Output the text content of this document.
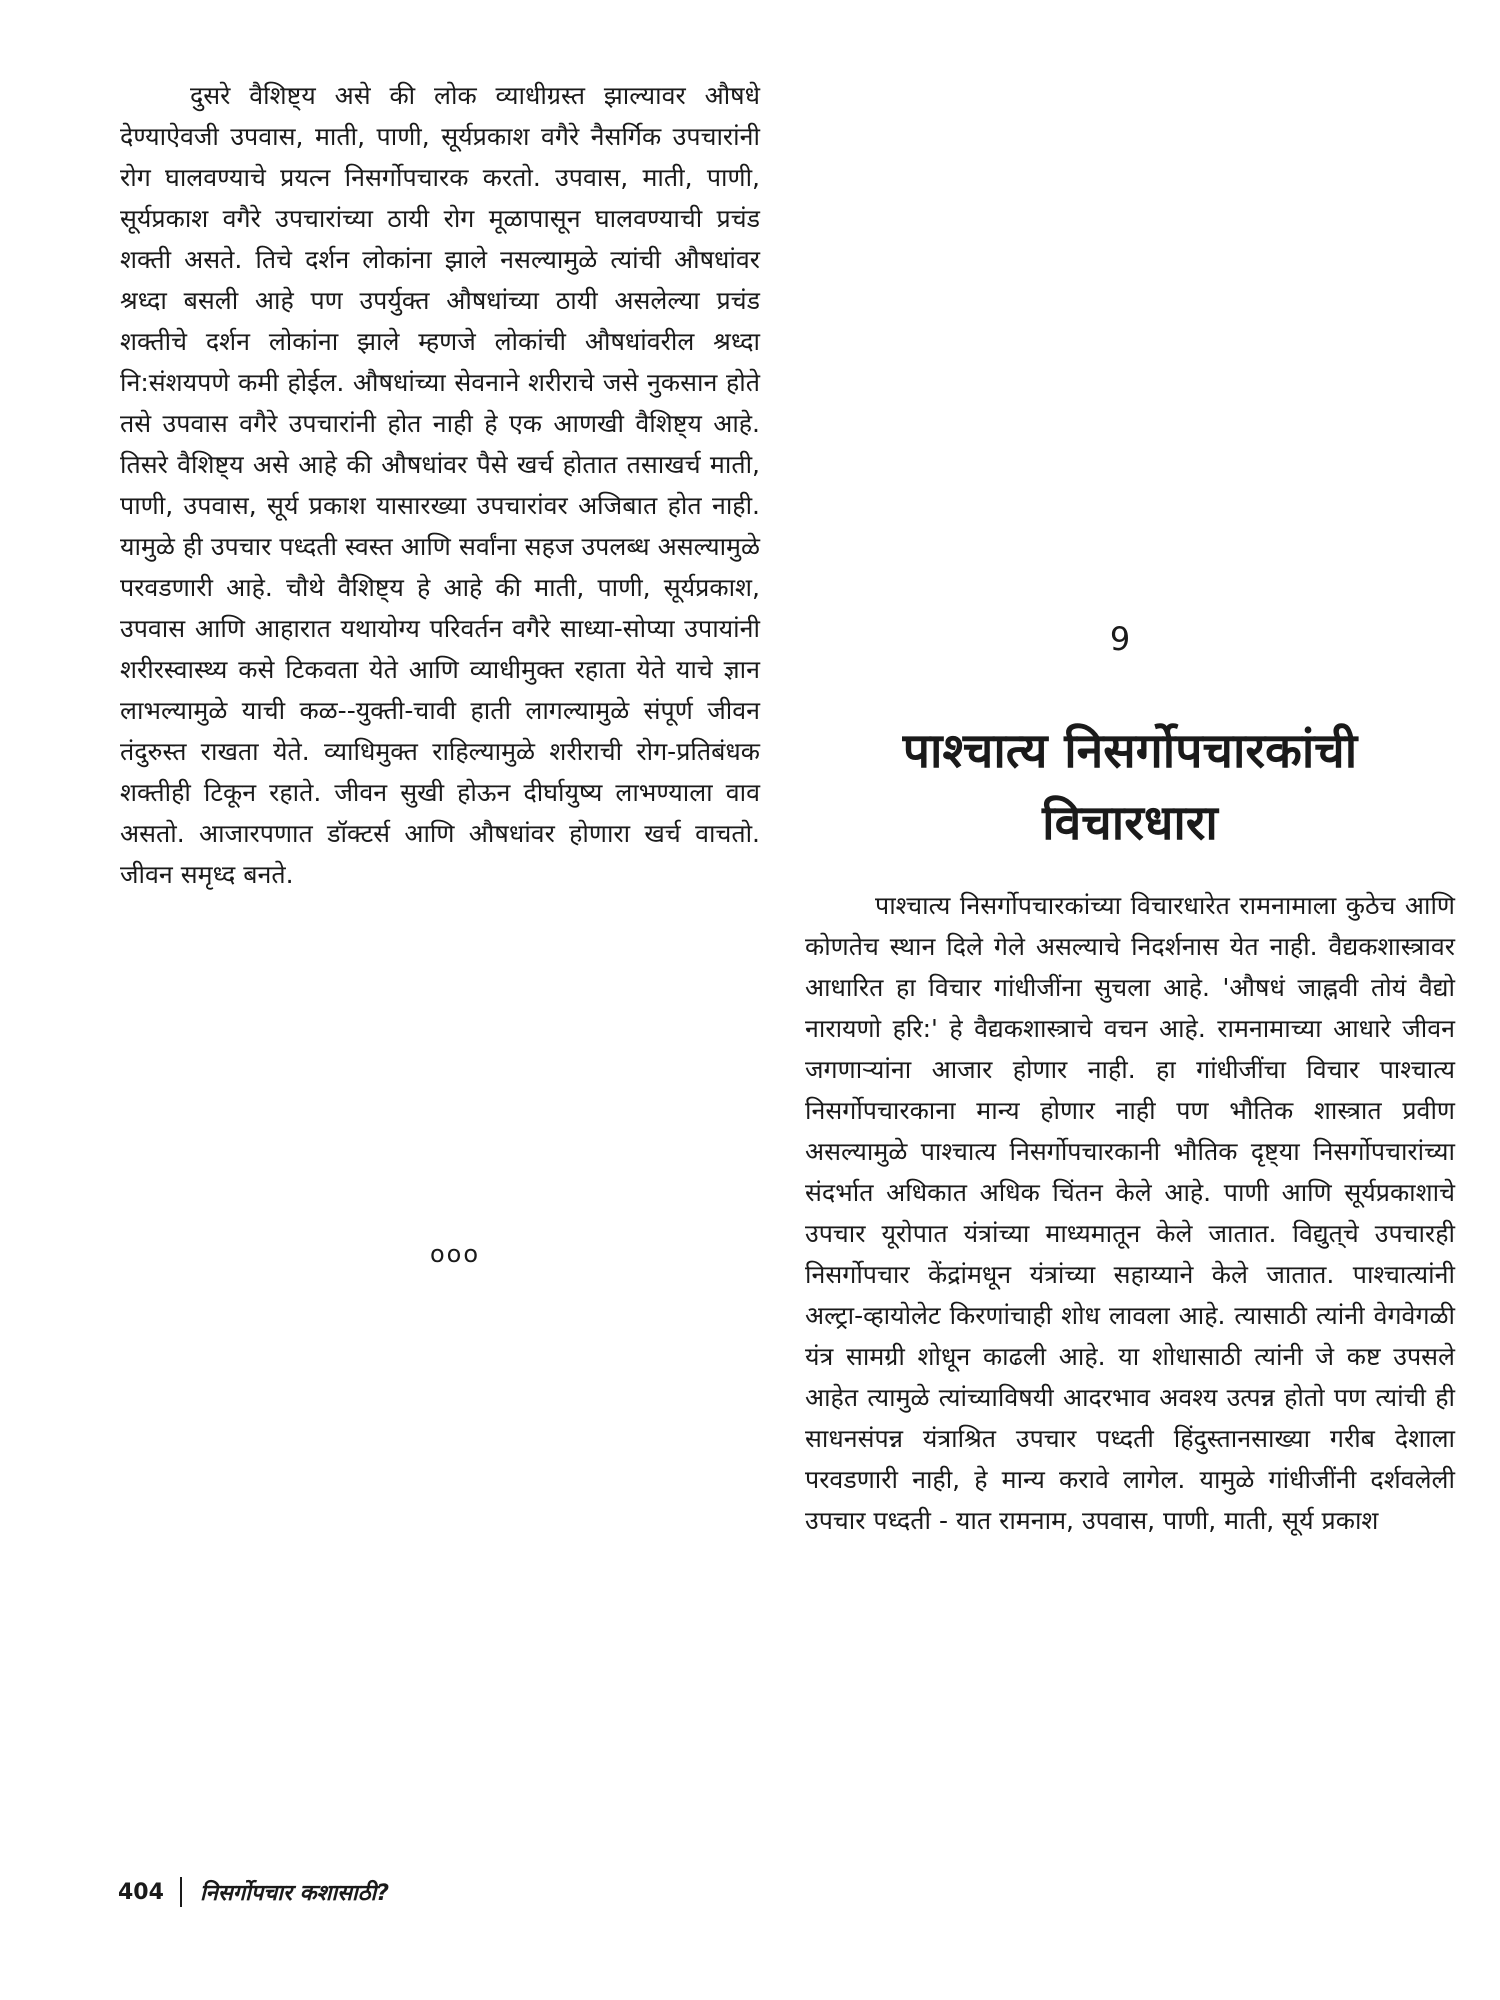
दुसरे वैशिष्ट्य असे की लोक व्याधीग्रस्त झाल्यावर औषधे देण्याऐवजी उपवास, माती, पाणी, सूर्यप्रकाश वगैरे नैसर्गिक उपचारांनी रोग घालवण्याचे प्रयत्न निसर्गोपचारक करतो. उपवास, माती, पाणी, सूर्यप्रकाश वगैरे उपचारांच्या ठायी रोग मूळापासून घालवण्याची प्रचंड शक्ती असते. तिचे दर्शन लोकांना झाले नसल्यामुळे त्यांची औषधांवर श्रध्दा बसली आहे पण उपर्युक्त औषधांच्या ठायी असलेल्या प्रचंड शक्तीचे दर्शन लोकांना झाले म्हणजे लोकांची औषधांवरील श्रध्दा नि:संशयपणे कमी होईल. औषधांच्या सेवनाने शरीराचे जसे नुकसान होते तसे उपवास वगैरे उपचारांनी होत नाही हे एक आणखी वैशिष्ट्य आहे. तिसरे वैशिष्ट्य असे आहे की औषधांवर पैसे खर्च होतात तसाखर्च माती, पाणी, उपवास, सूर्य प्रकाश यासारख्या उपचारांवर अजिबात होत नाही. यामुळे ही उपचार पध्दती स्वस्त आणि सर्वांना सहज उपलब्ध असल्यामुळे परवडणारी आहे. चौथे वैशिष्ट्य हे आहे की माती, पाणी, सूर्यप्रकाश, उपवास आणि आहारात यथायोग्य परिवर्तन वगैरे साध्या-सोप्या उपायांनी शरीरस्वास्थ्य कसे टिकवता येते आणि व्याधीमुक्त रहाता येते याचे ज्ञान लाभल्यामुळे याची कळ--युक्ती-चावी हाती लागल्यामुळे संपूर्ण जीवन तंदुरुस्त राखता येते. व्याधिमुक्त राहिल्यामुळे शरीराची रोग-प्रतिबंधक शक्तीही टिकून रहाते. जीवन सुखी होऊन दीर्घायुष्य लाभण्याला वाव असतो. आजारपणात डॉक्टर्स आणि औषधांवर होणारा खर्च वाचतो. जीवन समृध्द बनते.

ooo
9
पाश्चात्य निसर्गोपचारकांची विचारधारा

पाश्चात्य निसर्गोपचारकांच्या विचारधारेत रामनामाला कुठेच आणि कोणतेच स्थान दिले गेले असल्याचे निदर्शनास येत नाही. वैद्यकशास्त्रावर आधारित हा विचार गांधीजींना सुचला आहे. 'औषधं जाह्नवी तोयं वैद्यो नारायणो हरि:' हे वैद्यकशास्त्राचे वचन आहे. रामनामाच्या आधारे जीवन जगणाऱ्यांना आजार होणार नाही. हा गांधीजींचा विचार पाश्चात्य निसर्गोपचारकाना मान्य होणार नाही पण भौतिक शास्त्रात प्रवीण असल्यामुळे पाश्चात्य निसर्गोपचारकानी भौतिक दृष्ट्या निसर्गोपचारांच्या संदर्भात अधिकात अधिक चिंतन केले आहे. पाणी आणि सूर्यप्रकाशाचे उपचार यूरोपात यंत्रांच्या माध्यमातून केले जातात. विद्युत्‌चे उपचारही निसर्गोपचार केंद्रांमधून यंत्रांच्या सहाय्याने केले जातात. पाश्चात्यांनी अल्ट्रा-व्हायोलेट किरणांचाही शोध लावला आहे. त्यासाठी त्यांनी वेगवेगळी यंत्र सामग्री शोधून काढली आहे. या शोधासाठी त्यांनी जे कष्ट उपसले आहेत त्यामुळे त्यांच्याविषयी आदरभाव अवश्य उत्पन्न होतो पण त्यांची ही साधनसंपन्न यंत्राश्रित उपचार पध्दती हिंदुस्तानसाख्या गरीब देशाला परवडणारी नाही, हे मान्य करावे लागेल. यामुळे गांधीजींनी दर्शवलेली उपचार पध्दती - यात रामनाम, उपवास, पाणी, माती, सूर्य प्रकाश

404 निसर्गोपचार कशासाठी?
